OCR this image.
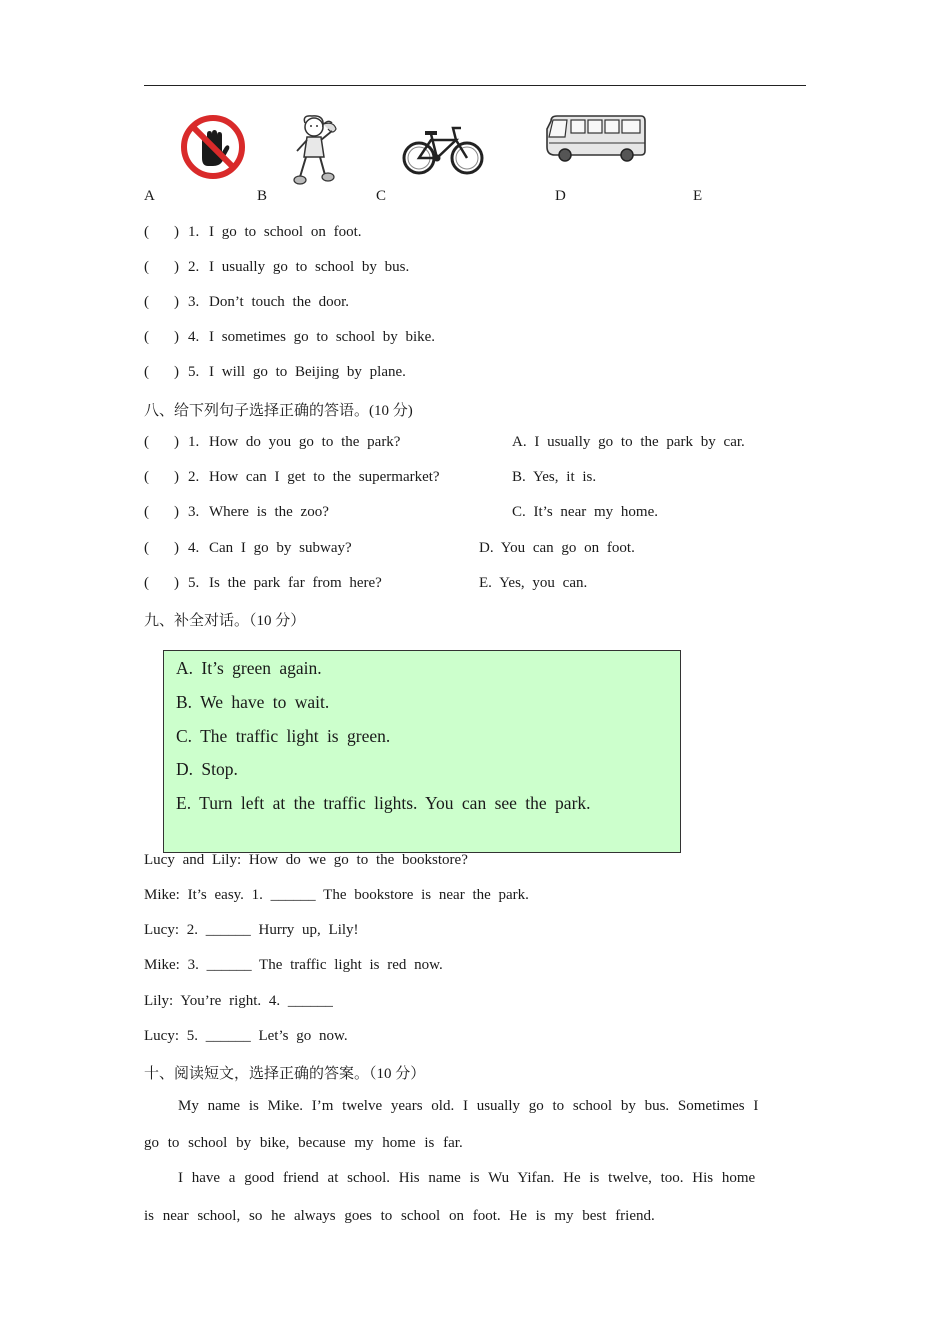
A	B	C	D	E
( ) 1. I go to school on foot.
( ) 2. I usually go to school by bus.
( ) 3. Don’t touch the door.
( ) 4. I sometimes go to school by bike.
( ) 5. I will go to Beijing by plane.
八、给下列句子选择正确的答语。(10 分)
( ) 1. How do you go to the park?	A. I usually go to the park by car.
( ) 2. How can I get to the supermarket?	B. Yes, it is.
( ) 3. Where is the zoo?	C. It’s near my home.
( ) 4. Can I go by subway?	D. You can go on foot.
( ) 5. Is the park far from here?	E. Yes, you can.
九、补全对话。（10 分）
A. It’s green again.
B. We have to wait.
C. The traffic light is green.
D. Stop.
E. Turn left at the traffic lights. You can see the park.
Lucy and Lily: How do we go to the bookstore?
Mike: It’s easy. 1. ______ The bookstore is near the park.
Lucy: 2. ______ Hurry up, Lily!
Mike: 3. ______ The traffic light is red now.
Lily: You’re right. 4. ______
Lucy: 5. ______ Let’s go now.
十、阅读短文，选择正确的答案。（10 分）
My name is Mike. I’m twelve years old. I usually go to school by bus. Sometimes I
go to school by bike, because my home is far.
I have a good friend at school. His name is Wu Yifan. He is twelve, too. His home
is near school, so he always goes to school on foot. He is my best friend.
